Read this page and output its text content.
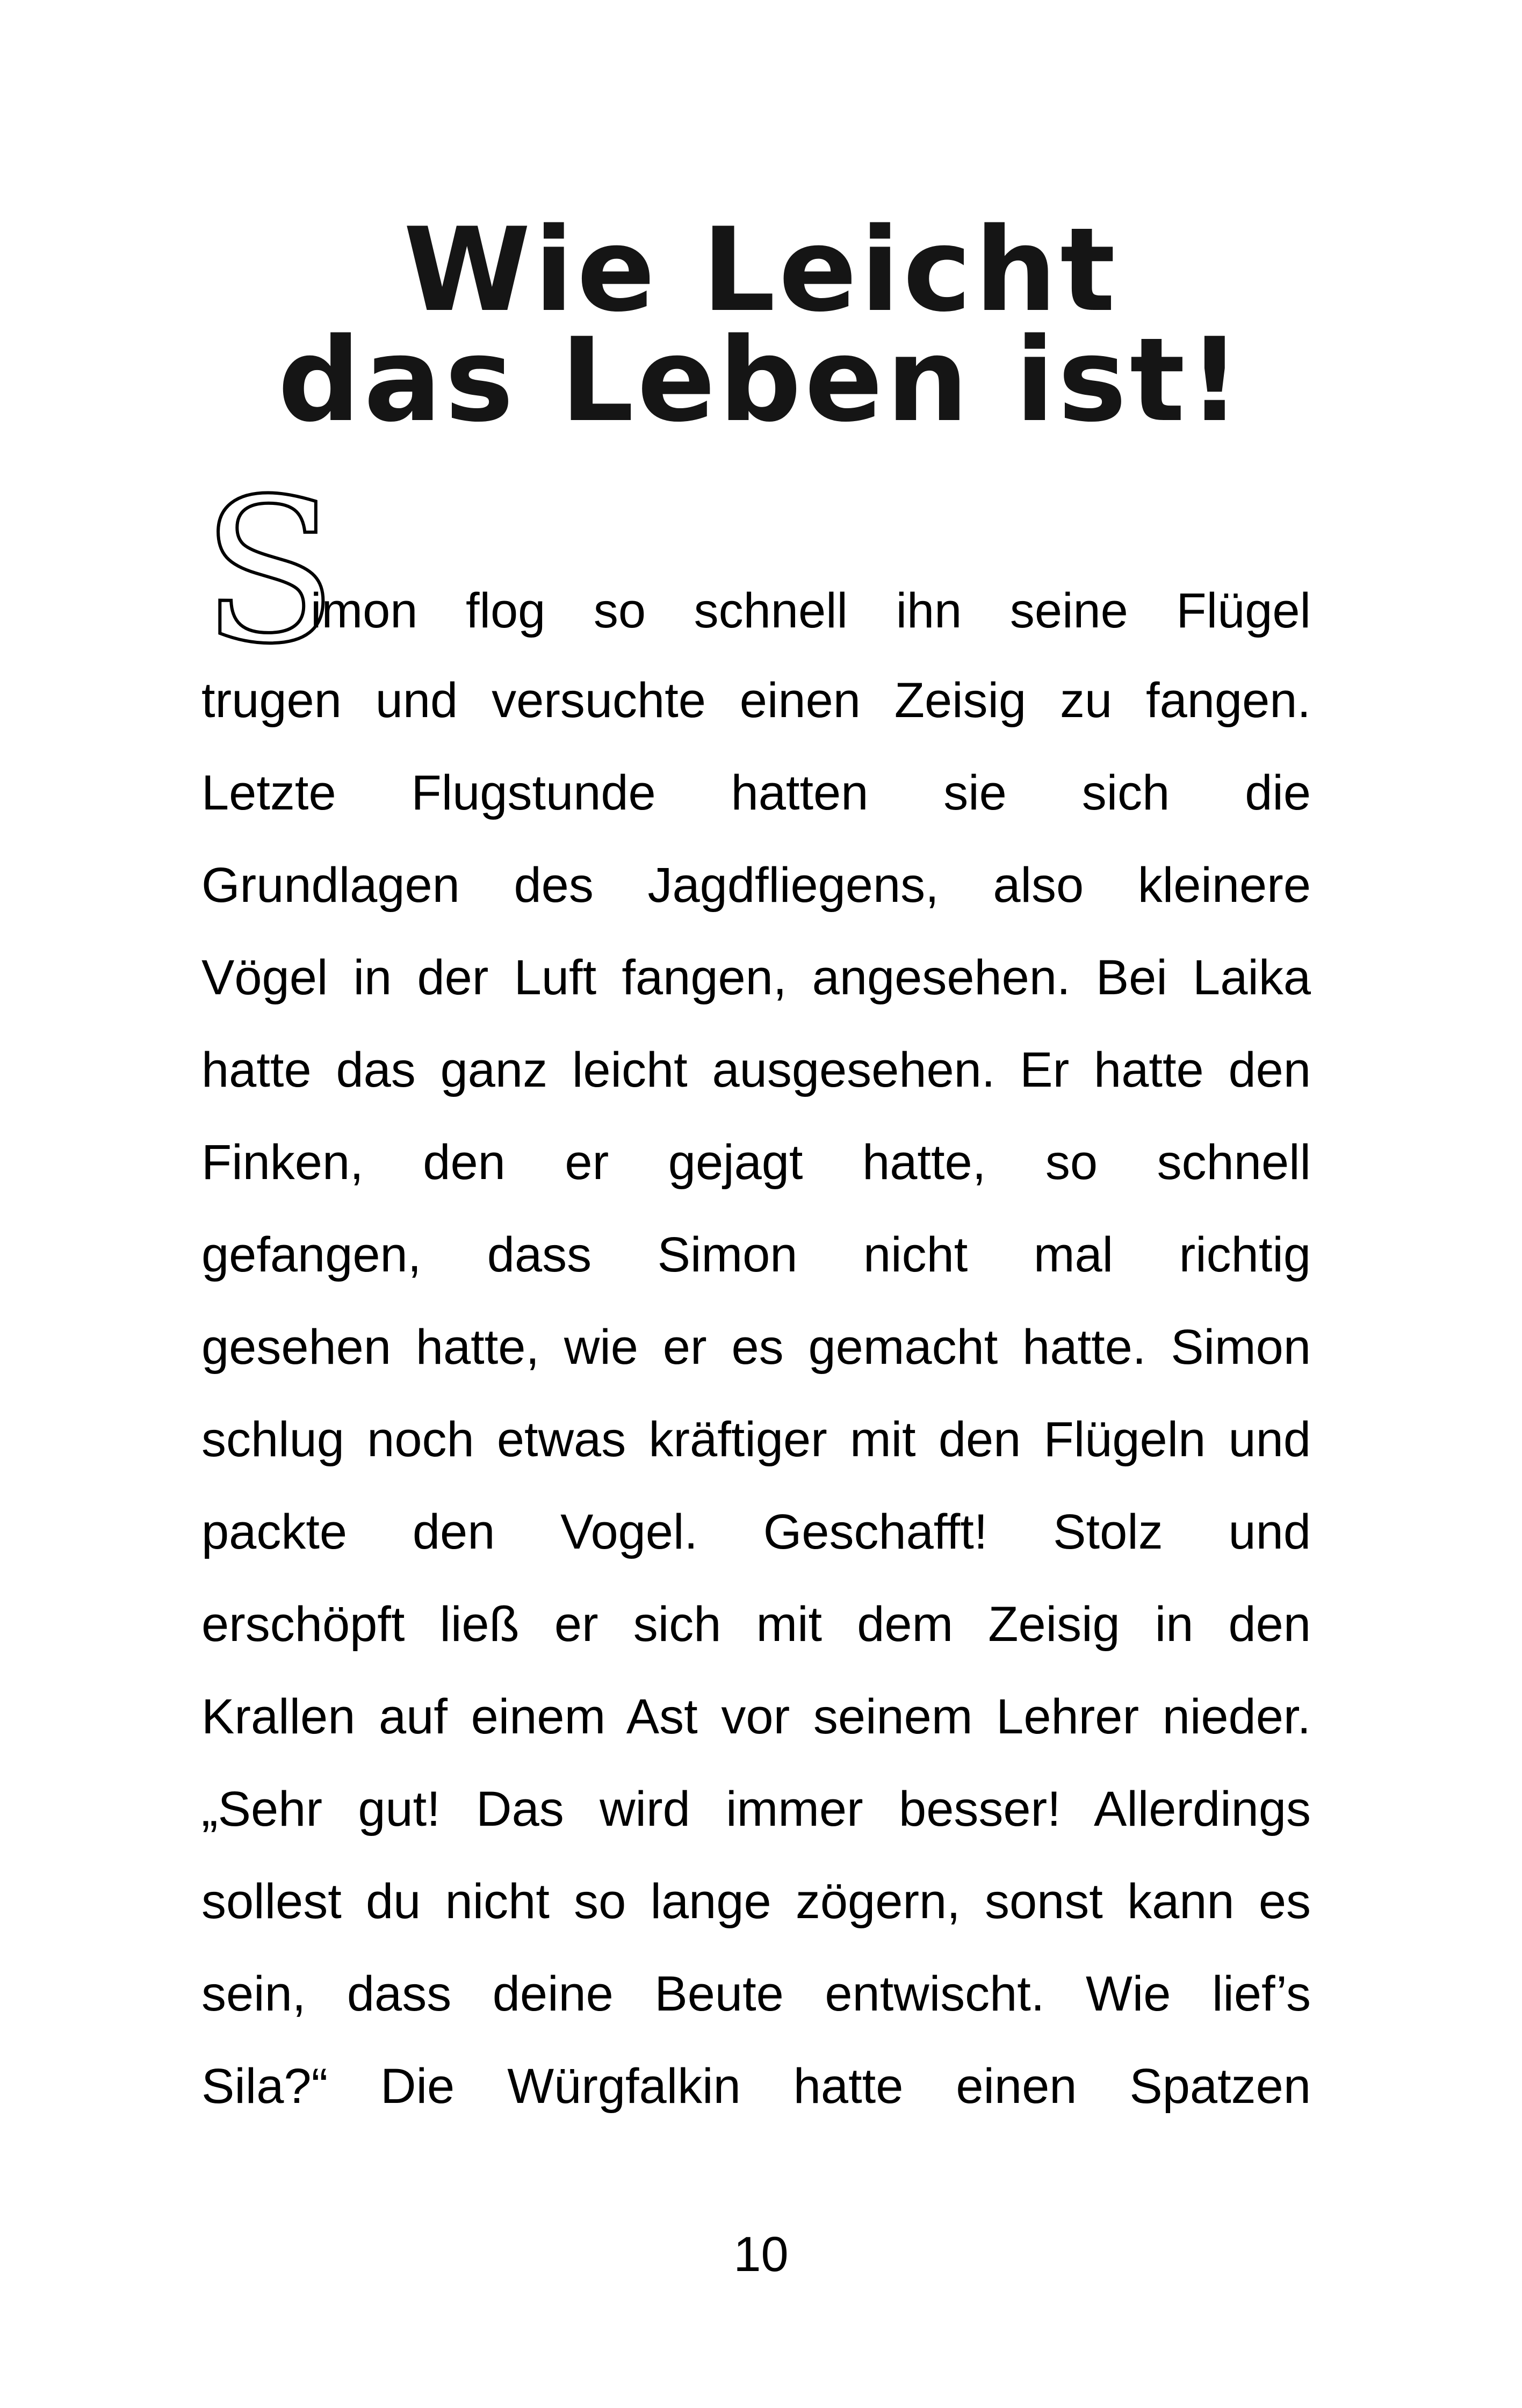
Wie Leicht
das Leben ist!
S
imon flog so schnell ihn seine Flügel
trugen und versuchte einen Zeisig zu fangen.
Letzte Flugstunde hatten sie sich die
Grundlagen des Jagdfliegens, also kleinere
Vögel in der Luft fangen, angesehen. Bei Laika
hatte das ganz leicht ausgesehen. Er hatte den
Finken, den er gejagt hatte, so schnell
gefangen, dass Simon nicht mal richtig
gesehen hatte, wie er es gemacht hatte. Simon
schlug noch etwas kräftiger mit den Flügeln und
packte den Vogel. Geschafft! Stolz und
erschöpft ließ er sich mit dem Zeisig in den
Krallen auf einem Ast vor seinem Lehrer nieder.
„Sehr gut! Das wird immer besser! Allerdings
sollest du nicht so lange zögern, sonst kann es
sein, dass deine Beute entwischt. Wie lief’s
Sila?“ Die Würgfalkin hatte einen Spatzen
10
